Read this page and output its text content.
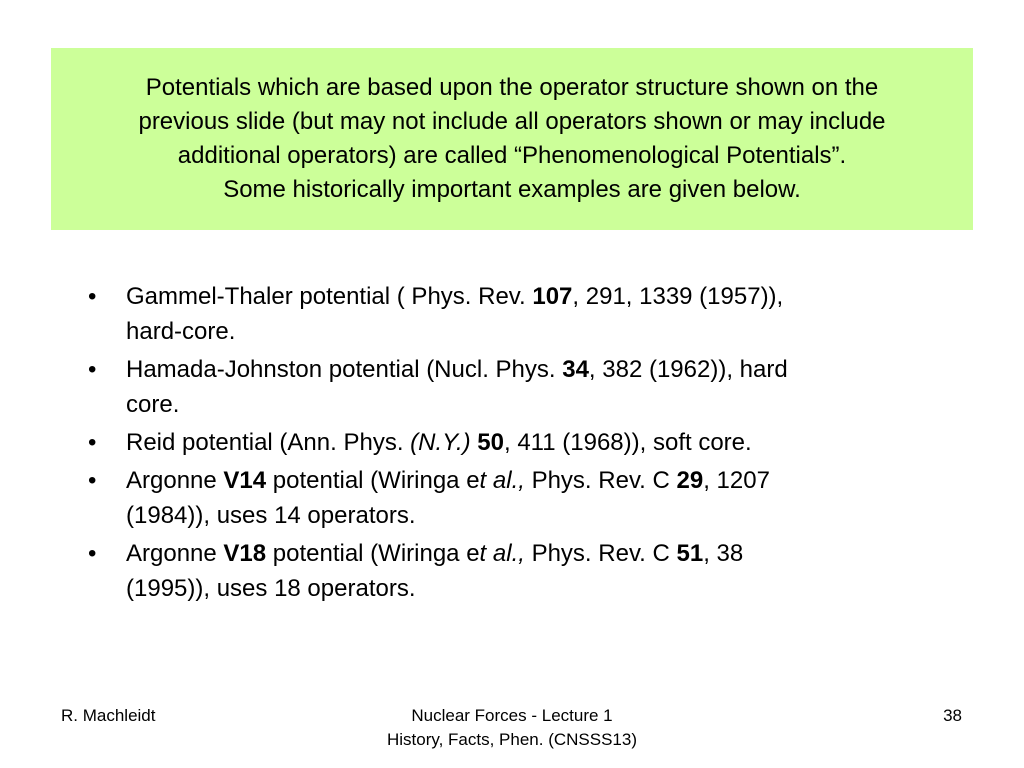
Potentials which are based upon the operator structure shown on the
previous slide (but may not include all operators shown or may include
additional operators) are called “Phenomenological Potentials”.
Some historically important examples are given below.
• Gammel-Thaler potential ( Phys. Rev. 107, 291, 1339 (1957)),
hard-core.
• Hamada-Johnston potential (Nucl. Phys. 34, 382 (1962)), hard
core.
• Reid potential (Ann. Phys. (N.Y.) 50, 411 (1968)), soft core.
• Argonne V14 potential (Wiringa et al., Phys. Rev. C 29, 1207
(1984)), uses 14 operators.
• Argonne V18 potential (Wiringa et al., Phys. Rev. C 51, 38
(1995)), uses 18 operators.
R. Machleidt	Nuclear Forces - Lecture 1
History, Facts, Phen. (CNSSS13)
38
